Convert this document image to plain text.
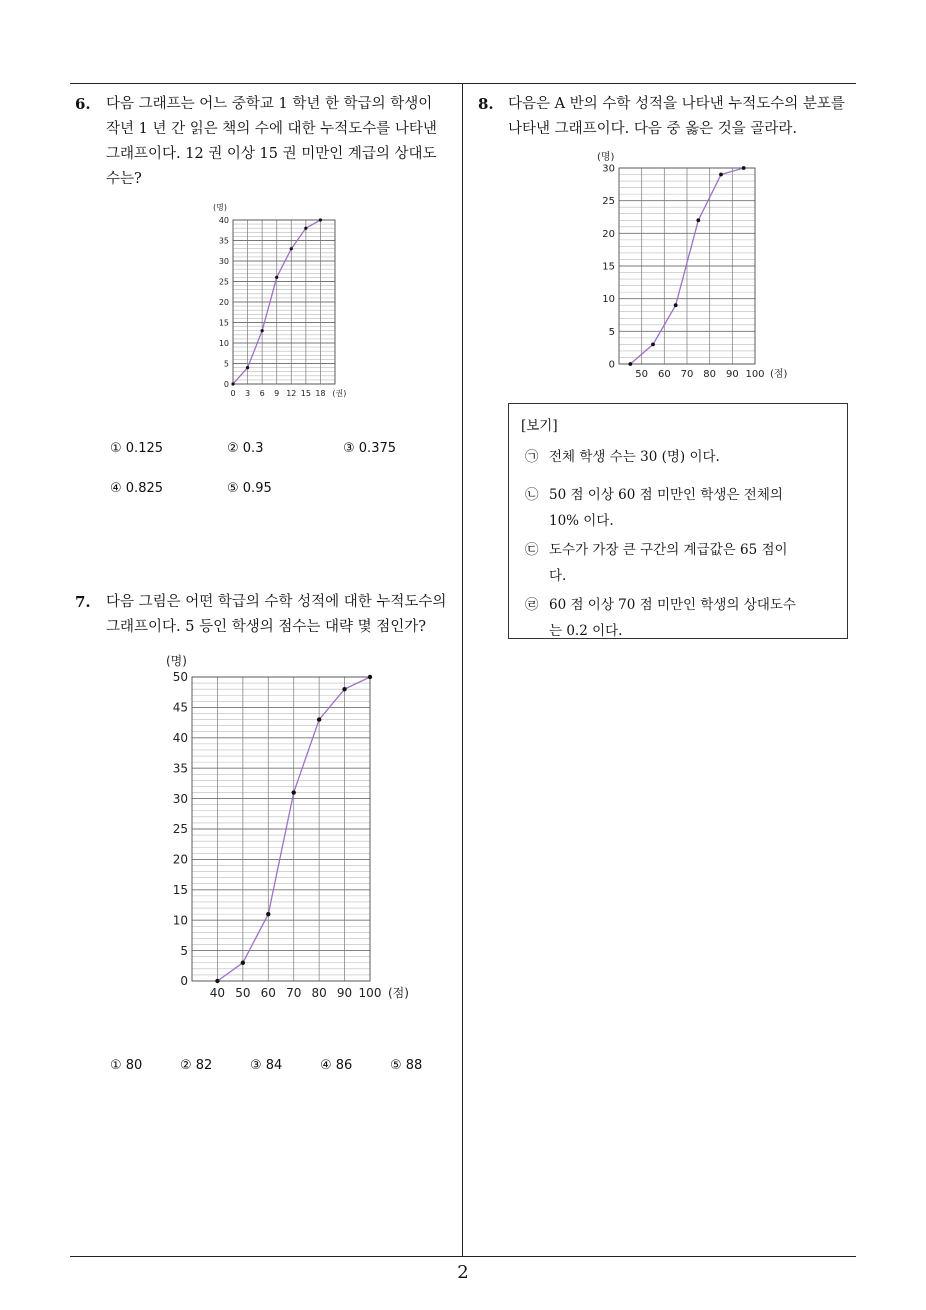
6. 다음 그래프는 어느 중학교 1 학년 한 학급의 학생이
작년 1 년 간 읽은 책의 수에 대한 누적도수를 나타낸
그래프이다. 12 권 이상 15 권 미만인 계급의 상대도
수는?
0
5
10
15
20
25
30
35
40
0 3 6 9 12 15 18 (권)
(명)
① 0.125	② 0.3	③ 0.375
④ 0.825	⑤ 0.95
7. 다음 그림은 어떤 학급의 수학 성적에 대한 누적도수의
그래프이다. 5 등인 학생의 점수는 대략 몇 점인가?
0
5
10
15
20
25
30
35
40
45
50
40 50 60 70 80 90 100 (점)
(명)
① 80	② 82	③ 84	④ 86	⑤ 88
8. 다음은 A 반의 수학 성적을 나타낸 누적도수의 분포를
나타낸 그래프이다. 다음 중 옳은 것을 골라라.
0
5
10
15
20
25
30
50 60 70 80 90 100 (점)
(명)
[보기]
㉠ 전체 학생 수는 30 (명) 이다.
㉡ 50 점 이상 60 점 미만인 학생은 전체의
10% 이다.
㉢ 도수가 가장 큰 구간의 계급값은 65 점이
다.
㉣ 60 점 이상 70 점 미만인 학생의 상대도수
는 0.2 이다.
2
